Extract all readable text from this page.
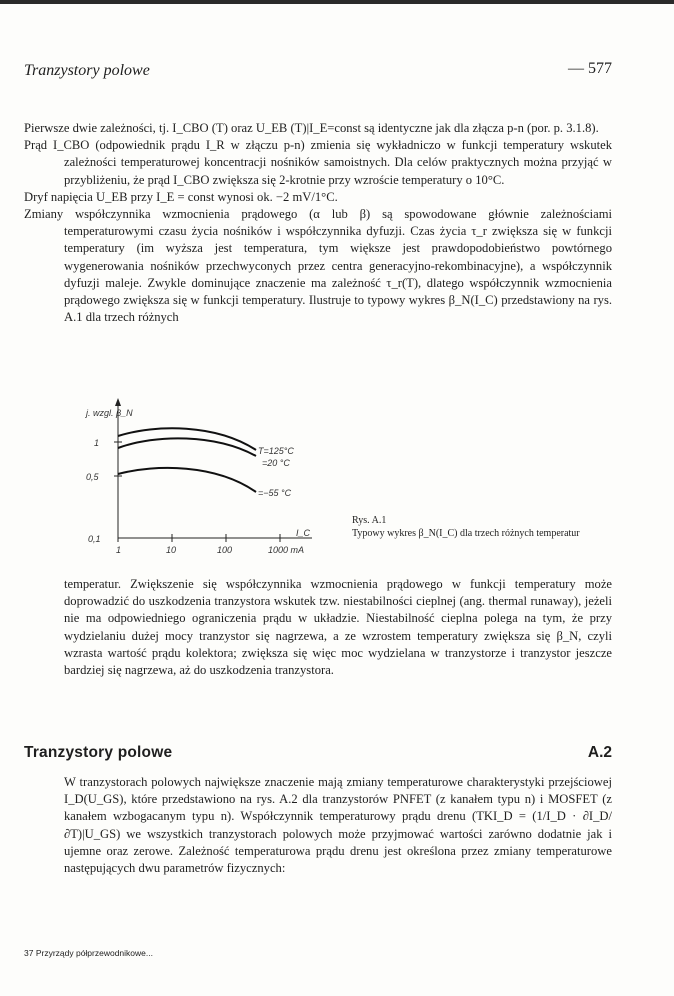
Tranzystory polowe	— 577

Pierwsze dwie zależności, tj. I_CBO (T) oraz U_EB (T)|I_E=const są identyczne jak dla złącza p-n (por. p. 3.1.8).

Prąd I_CBO (odpowiednik prądu I_R w złączu p-n) zmienia się wykładniczo w funkcji temperatury wskutek zależności temperaturowej koncentracji nośników samoistnych. Dla celów praktycznych można przyjąć w przybliżeniu, że prąd I_CBO zwiększa się 2-krotnie przy wzroście temperatury o 10°C.

Dryf napięcia U_EB przy I_E = const wynosi ok. −2 mV/1°C.

Zmiany współczynnika wzmocnienia prądowego (α lub β) są spowodowane głównie zależnościami temperaturowymi czasu życia nośników i współczynnika dyfuzji. Czas życia τ_r zwiększa się w funkcji temperatury (im wyższa jest temperatura, tym większe jest prawdopodobieństwo powtórnego wygenerowania nośników przechwyconych przez centra generacyjno-rekombinacyjne), a współczynnik dyfuzji maleje. Zwykle dominujące znaczenie ma zależność τ_r(T), dlatego współczynnik wzmocnienia prądowego zwiększa się w funkcji temperatury. Ilustruje to typowy wykres β_N(I_C) przedstawiony na rys. A.1 dla trzech różnych

j. wzgl. β_N
1
0,5
0,1
1	10	100	1000 mA
I_C
T=125°C
=20 °C
=−55 °C
Rys. A.1
Typowy wykres β_N(I_C) dla trzech różnych temperatur

temperatur. Zwiększenie się współczynnika wzmocnienia prądowego w funkcji temperatury może doprowadzić do uszkodzenia tranzystora wskutek tzw. niestabilności cieplnej (ang. thermal runaway), jeżeli nie ma odpowiedniego ograniczenia prądu w układzie. Niestabilność cieplna polega na tym, że przy wydzielaniu dużej mocy tranzystor się nagrzewa, a ze wzrostem temperatury zwiększa się β_N, czyli wzrasta wartość prądu kolektora; zwiększa się więc moc wydzielana w tranzystorze i tranzystor jeszcze bardziej się nagrzewa, aż do uszkodzenia tranzystora.

Tranzystory polowe	A.2

W tranzystorach polowych największe znaczenie mają zmiany temperaturowe charakterystyki przejściowej I_D(U_GS), które przedstawiono na rys. A.2 dla tranzystorów PNFET (z kanałem typu n) i MOSFET (z kanałem wzbogacanym typu n). Współczynnik temperaturowy prądu drenu (TKI_D = (1/I_D · ∂I_D/∂T)|U_GS) we wszystkich tranzystorach polowych może przyjmować wartości zarówno dodatnie jak i ujemne oraz zerowe. Zależność temperaturowa prądu drenu jest określona przez zmiany temperaturowe następujących dwu parametrów fizycznych:

37 Przyrządy półprzewodnikowe...
